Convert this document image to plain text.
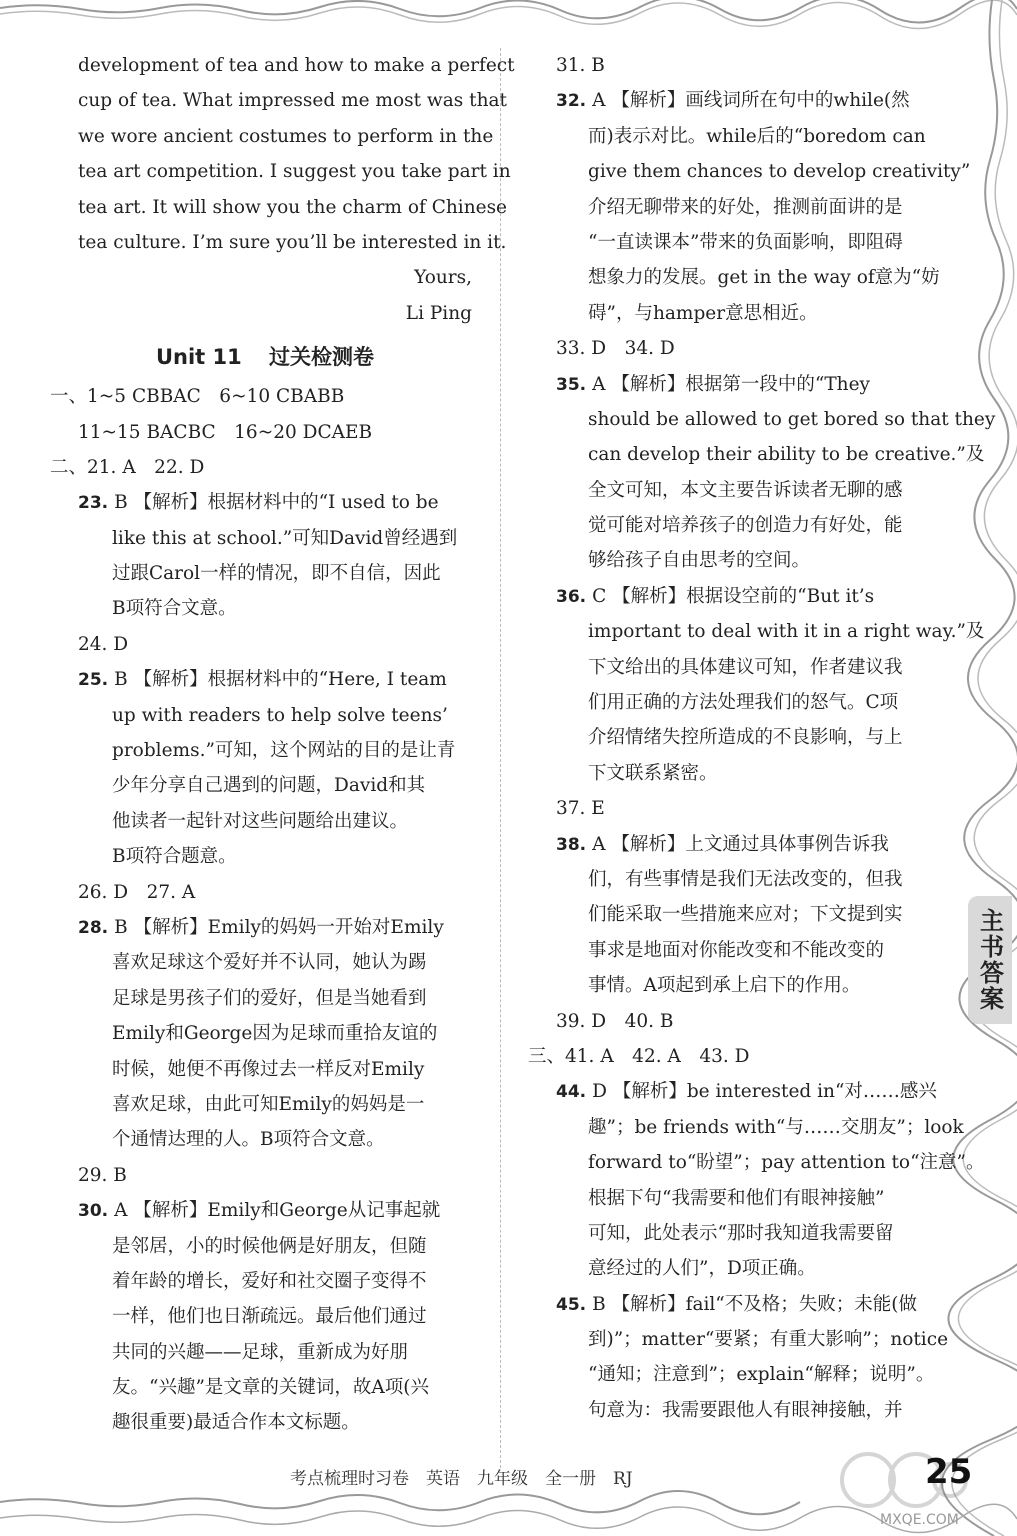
development of tea and how to make a perfect
cup of tea. What impressed me most was that
we wore ancient costumes to perform in the
tea art competition. I suggest you take part in
tea art. It will show you the charm of Chinese
tea culture. I’m sure you’ll be interested in it.
Yours,
Li Ping
Unit 11 过关检测卷
一、1~5 CBBAC　6~10 CBABB
11~15 BACBC　16~20 DCAEB
二、21. A　22. D
23. B 【解析】根据材料中的“I used to be
like this at school.”可知David曾经遇到
过跟Carol一样的情况，即不自信，因此
B项符合文意。
24. D
25. B 【解析】根据材料中的“Here, I team
up with readers to help solve teens’
problems.”可知，这个网站的目的是让青
少年分享自己遇到的问题，David和其
他读者一起针对这些问题给出建议。
B项符合题意。
26. D　27. A
28. B 【解析】Emily的妈妈一开始对Emily
喜欢足球这个爱好并不认同，她认为踢
足球是男孩子们的爱好，但是当她看到
Emily和George因为足球而重拾友谊的
时候，她便不再像过去一样反对Emily
喜欢足球，由此可知Emily的妈妈是一
个通情达理的人。B项符合文意。
29. B
30. A 【解析】Emily和George从记事起就
是邻居，小的时候他俩是好朋友，但随
着年龄的增长，爱好和社交圈子变得不
一样，他们也日渐疏远。最后他们通过
共同的兴趣——足球，重新成为好朋
友。“兴趣”是文章的关键词，故A项(兴
趣很重要)最适合作本文标题。
31. B
32. A 【解析】画线词所在句中的while(然
而)表示对比。while后的“boredom can
give them chances to develop creativity”
介绍无聊带来的好处，推测前面讲的是
“一直读课本”带来的负面影响，即阻碍
想象力的发展。get in the way of意为“妨
碍”，与hamper意思相近。
33. D　34. D
35. A 【解析】根据第一段中的“They
should be allowed to get bored so that they
can develop their ability to be creative.”及
全文可知，本文主要告诉读者无聊的感
觉可能对培养孩子的创造力有好处，能
够给孩子自由思考的空间。
36. C 【解析】根据设空前的“But it’s
important to deal with it in a right way.”及
下文给出的具体建议可知，作者建议我
们用正确的方法处理我们的怒气。C项
介绍情绪失控所造成的不良影响，与上
下文联系紧密。
37. E
38. A 【解析】上文通过具体事例告诉我
们，有些事情是我们无法改变的，但我
们能采取一些措施来应对；下文提到实
事求是地面对你能改变和不能改变的
事情。A项起到承上启下的作用。
39. D　40. B
三、41. A　42. A　43. D
44. D 【解析】be interested in“对……感兴
趣”；be friends with“与……交朋友”；look
forward to“盼望”；pay attention to“注意”。
根据下句“我需要和他们有眼神接触”
可知，此处表示“那时我知道我需要留
意经过的人们”，D项正确。
45. B 【解析】fail“不及格；失败；未能(做
到)”；matter“要紧；有重大影响”；notice
“通知；注意到”；explain“解释；说明”。
句意为：我需要跟他人有眼神接触，并
主书答案
考点梳理时习卷　英语　九年级　全一册　RJ	25
MXQE.COM
